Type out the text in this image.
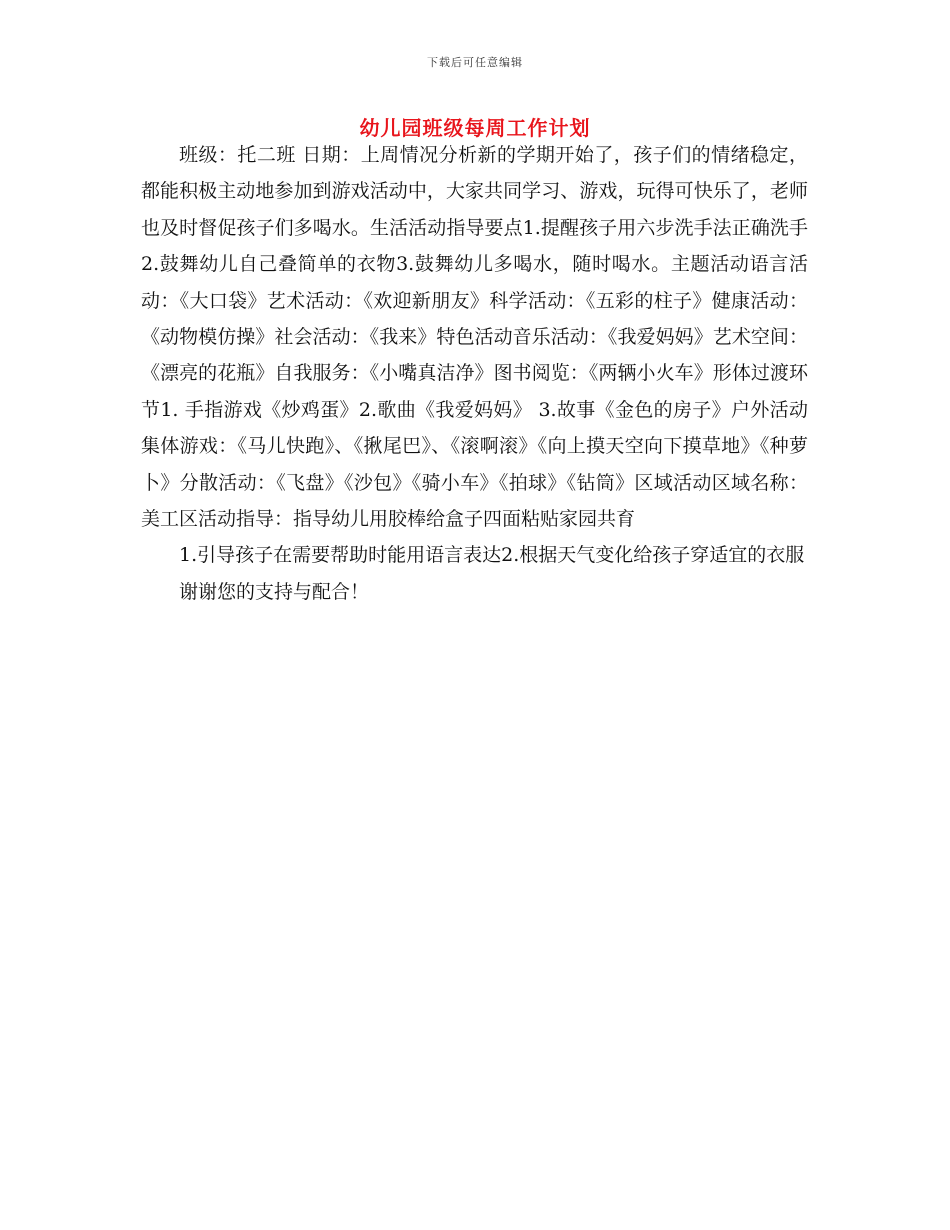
下载后可任意编辑
幼儿园班级每周工作计划

班级：托二班 日期：上周情况分析新的学期开始了，孩子们的情绪稳定，都能积极主动地参加到游戏活动中，大家共同学习、游戏，玩得可快乐了，老师也及时督促孩子们多喝水。生活活动指导要点1.提醒孩子用六步洗手法正确洗手2.鼓舞幼儿自己叠简单的衣物3.鼓舞幼儿多喝水，随时喝水。主题活动语言活动：《大口袋》艺术活动：《欢迎新朋友》科学活动：《五彩的柱子》健康活动：《动物模仿操》社会活动：《我来》特色活动音乐活动：《我爱妈妈》艺术空间：《漂亮的花瓶》自我服务：《小嘴真洁净》图书阅览：《两辆小火车》形体过渡环节1. 手指游戏《炒鸡蛋》2.歌曲《我爱妈妈》 3.故事《金色的房子》户外活动集体游戏：《马儿快跑》、《揪尾巴》、《滚啊滚》《向上摸天空向下摸草地》《种萝卜》分散活动：《飞盘》《沙包》《骑小车》《拍球》《钻筒》区域活动区域名称：美工区活动指导：指导幼儿用胶棒给盒子四面粘贴家园共育

1.引导孩子在需要帮助时能用语言表达2.根据天气变化给孩子穿适宜的衣服

谢谢您的支持与配合！
